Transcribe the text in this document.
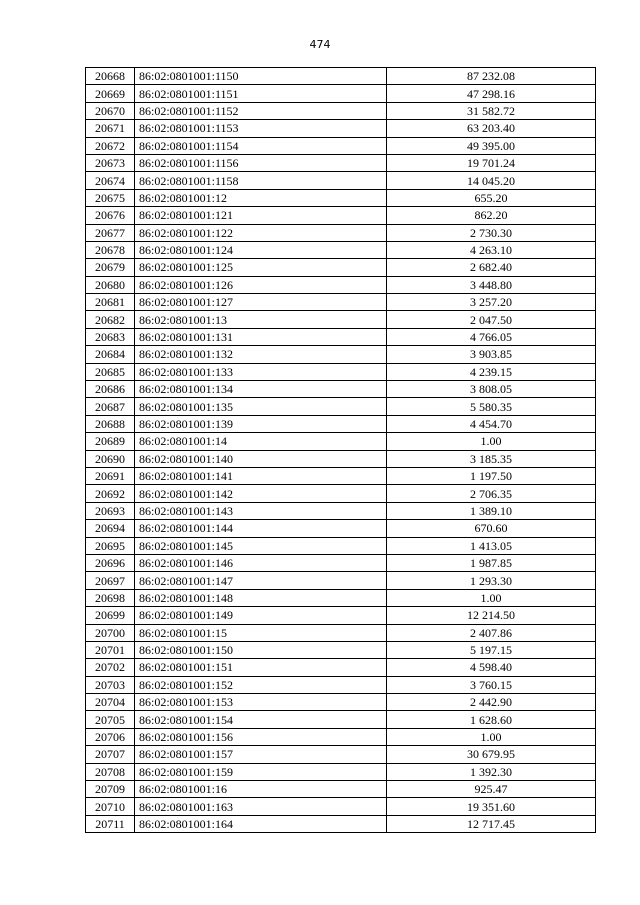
474
20668	86:02:0801001:1150	87 232.08
20669	86:02:0801001:1151	47 298.16
20670	86:02:0801001:1152	31 582.72
20671	86:02:0801001:1153	63 203.40
20672	86:02:0801001:1154	49 395.00
20673	86:02:0801001:1156	19 701.24
20674	86:02:0801001:1158	14 045.20
20675	86:02:0801001:12	655.20
20676	86:02:0801001:121	862.20
20677	86:02:0801001:122	2 730.30
20678	86:02:0801001:124	4 263.10
20679	86:02:0801001:125	2 682.40
20680	86:02:0801001:126	3 448.80
20681	86:02:0801001:127	3 257.20
20682	86:02:0801001:13	2 047.50
20683	86:02:0801001:131	4 766.05
20684	86:02:0801001:132	3 903.85
20685	86:02:0801001:133	4 239.15
20686	86:02:0801001:134	3 808.05
20687	86:02:0801001:135	5 580.35
20688	86:02:0801001:139	4 454.70
20689	86:02:0801001:14	1.00
20690	86:02:0801001:140	3 185.35
20691	86:02:0801001:141	1 197.50
20692	86:02:0801001:142	2 706.35
20693	86:02:0801001:143	1 389.10
20694	86:02:0801001:144	670.60
20695	86:02:0801001:145	1 413.05
20696	86:02:0801001:146	1 987.85
20697	86:02:0801001:147	1 293.30
20698	86:02:0801001:148	1.00
20699	86:02:0801001:149	12 214.50
20700	86:02:0801001:15	2 407.86
20701	86:02:0801001:150	5 197.15
20702	86:02:0801001:151	4 598.40
20703	86:02:0801001:152	3 760.15
20704	86:02:0801001:153	2 442.90
20705	86:02:0801001:154	1 628.60
20706	86:02:0801001:156	1.00
20707	86:02:0801001:157	30 679.95
20708	86:02:0801001:159	1 392.30
20709	86:02:0801001:16	925.47
20710	86:02:0801001:163	19 351.60
20711	86:02:0801001:164	12 717.45
